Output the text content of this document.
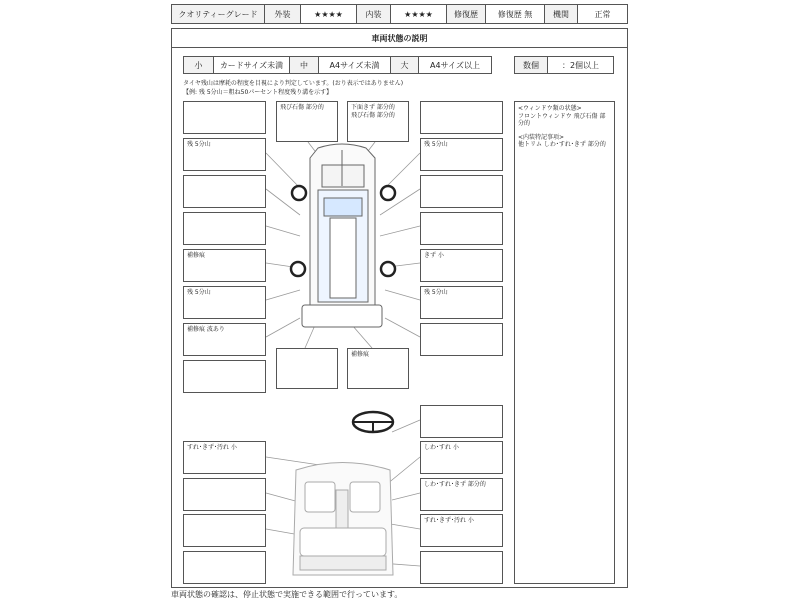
クオリティーグレード	外装	★★★★	内装	★★★★	修復歴	修復歴 無	機関	正常
車両状態の説明
小	カードサイズ未満	中	A4サイズ未満	大	A4サイズ以上	数個	：2個以上
タイヤ残山は摩耗の程度を目視により判定しています。(おり表示ではありません)
【例: 残 5分山＝粗ね50パーセント程度残り溝を示す】
残 5分山
補修痕
残 5分山
補修痕 波あり
飛び石傷 部分的	下面きず 部分的
飛び石傷 部分的
補修痕
残 5分山
きず 小
残 5分山
すれ･きず･汚れ 小	しわ･すれ 小
しわ･すれ･きず 部分的
すれ･きず･汚れ 小
<ウィンドウ類の状態>
フロントウィンドウ 飛び石傷 部分的
<内装特記事項>
他トリム しわ･すれ･きず 部分的
車両状態の確認は、停止状態で実施できる範囲で行っています。
